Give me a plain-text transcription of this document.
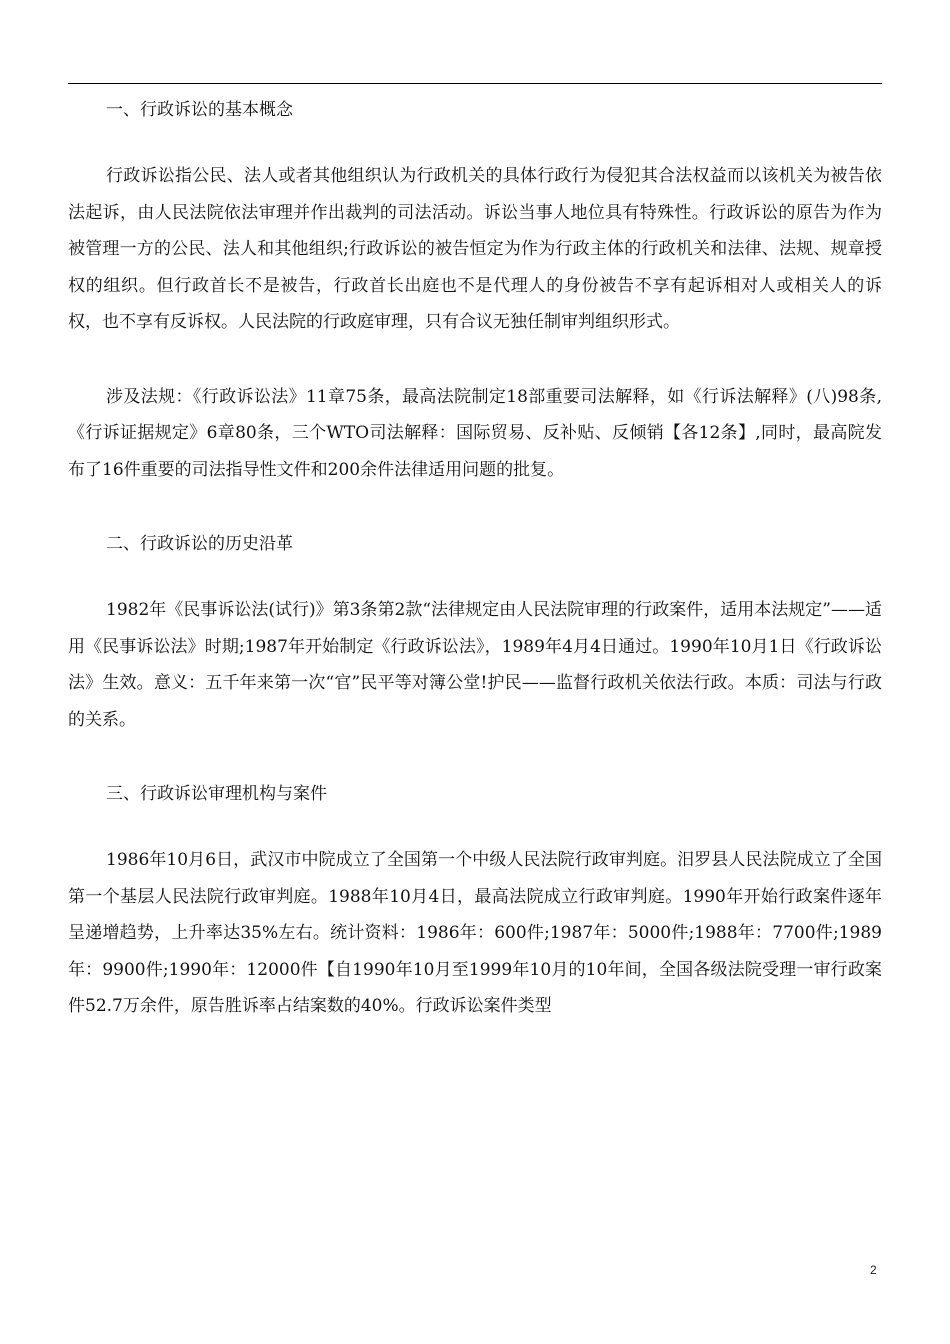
一、行政诉讼的基本概念

行政诉讼指公民、法人或者其他组织认为行政机关的具体行政行为侵犯其合法权益而以该机关为被告依法起诉，由人民法院依法审理并作出裁判的司法活动。诉讼当事人地位具有特殊性。行政诉讼的原告为作为被管理一方的公民、法人和其他组织;行政诉讼的被告恒定为作为行政主体的行政机关和法律、法规、规章授权的组织。但行政首长不是被告，行政首长出庭也不是代理人的身份被告不享有起诉相对人或相关人的诉权，也不享有反诉权。人民法院的行政庭审理，只有合议无独任制审判组织形式。

涉及法规：《行政诉讼法》11章75条，最高法院制定18部重要司法解释，如《行诉法解释》(八)98条,《行诉证据规定》6章80条，三个WTO司法解释：国际贸易、反补贴、反倾销【各12条】,同时，最高院发布了16件重要的司法指导性文件和200余件法律适用问题的批复。

二、行政诉讼的历史沿革

1982年《民事诉讼法(试行)》第3条第2款“法律规定由人民法院审理的行政案件，适用本法规定”——适用《民事诉讼法》时期;1987年开始制定《行政诉讼法》，1989年4月4日通过。1990年10月1日《行政诉讼法》生效。意义：五千年来第一次“官”民平等对簿公堂!护民——监督行政机关依法行政。本质：司法与行政的关系。

三、行政诉讼审理机构与案件

1986年10月6日，武汉市中院成立了全国第一个中级人民法院行政审判庭。汨罗县人民法院成立了全国第一个基层人民法院行政审判庭。1988年10月4日，最高法院成立行政审判庭。1990年开始行政案件逐年呈递增趋势，上升率达35%左右。统计资料：1986年：600件;1987年：5000件;1988年：7700件;1989年：9900件;1990年：12000件【自1990年10月至1999年10月的10年间，全国各级法院受理一审行政案件52.7万余件，原告胜诉率占结案数的40%。行政诉讼案件类型

2
